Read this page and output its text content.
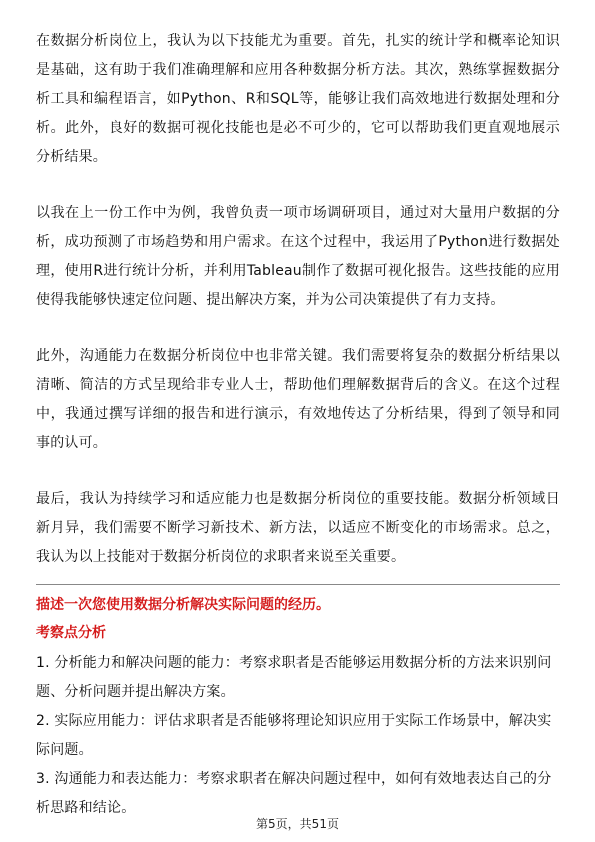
在数据分析岗位上，我认为以下技能尤为重要。首先，扎实的统计学和概率论知识是基础，这有助于我们准确理解和应用各种数据分析方法。其次，熟练掌握数据分析工具和编程语言，如Python、R和SQL等，能够让我们高效地进行数据处理和分析。此外，良好的数据可视化技能也是必不可少的，它可以帮助我们更直观地展示分析结果。

以我在上一份工作中为例，我曾负责一项市场调研项目，通过对大量用户数据的分析，成功预测了市场趋势和用户需求。在这个过程中，我运用了Python进行数据处理，使用R进行统计分析，并利用Tableau制作了数据可视化报告。这些技能的应用使得我能够快速定位问题、提出解决方案，并为公司决策提供了有力支持。

此外，沟通能力在数据分析岗位中也非常关键。我们需要将复杂的数据分析结果以清晰、简洁的方式呈现给非专业人士，帮助他们理解数据背后的含义。在这个过程中，我通过撰写详细的报告和进行演示，有效地传达了分析结果，得到了领导和同事的认可。

最后，我认为持续学习和适应能力也是数据分析岗位的重要技能。数据分析领域日新月异，我们需要不断学习新技术、新方法，以适应不断变化的市场需求。总之，我认为以上技能对于数据分析岗位的求职者来说至关重要。

描述一次您使用数据分析解决实际问题的经历。

考察点分析

1. 分析能力和解决问题的能力：考察求职者是否能够运用数据分析的方法来识别问题、分析问题并提出解决方案。

2. 实际应用能力：评估求职者是否能够将理论知识应用于实际工作场景中，解决实际问题。

3. 沟通能力和表达能力：考察求职者在解决问题过程中，如何有效地表达自己的分析思路和结论。

第5页，共51页
